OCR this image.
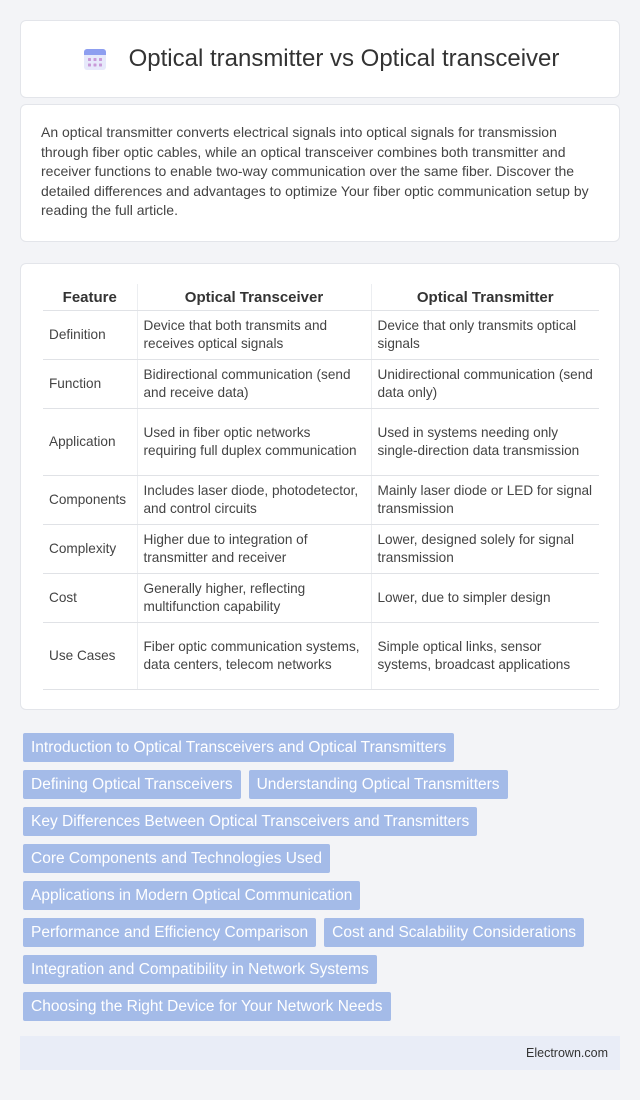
Optical transmitter vs Optical transceiver

An optical transmitter converts electrical signals into optical signals for transmission through fiber optic cables, while an optical transceiver combines both transmitter and receiver functions to enable two-way communication over the same fiber. Discover the detailed differences and advantages to optimize Your fiber optic communication setup by reading the full article.

Feature	Optical Transceiver	Optical Transmitter
Definition	Device that both transmits and receives optical signals	Device that only transmits optical signals
Function	Bidirectional communication (send and receive data)	Unidirectional communication (send data only)
Application	Used in fiber optic networks requiring full duplex communication	Used in systems needing only single-direction data transmission
Components	Includes laser diode, photodetector, and control circuits	Mainly laser diode or LED for signal transmission
Complexity	Higher due to integration of transmitter and receiver	Lower, designed solely for signal transmission
Cost	Generally higher, reflecting multifunction capability	Lower, due to simpler design
Use Cases	Fiber optic communication systems, data centers, telecom networks	Simple optical links, sensor systems, broadcast applications
Introduction to Optical Transceivers and Optical Transmitters
Defining Optical Transceivers	Understanding Optical Transmitters
Key Differences Between Optical Transceivers and Transmitters
Core Components and Technologies Used
Applications in Modern Optical Communication
Performance and Efficiency Comparison	Cost and Scalability Considerations
Integration and Compatibility in Network Systems
Choosing the Right Device for Your Network Needs
Electrown.com
